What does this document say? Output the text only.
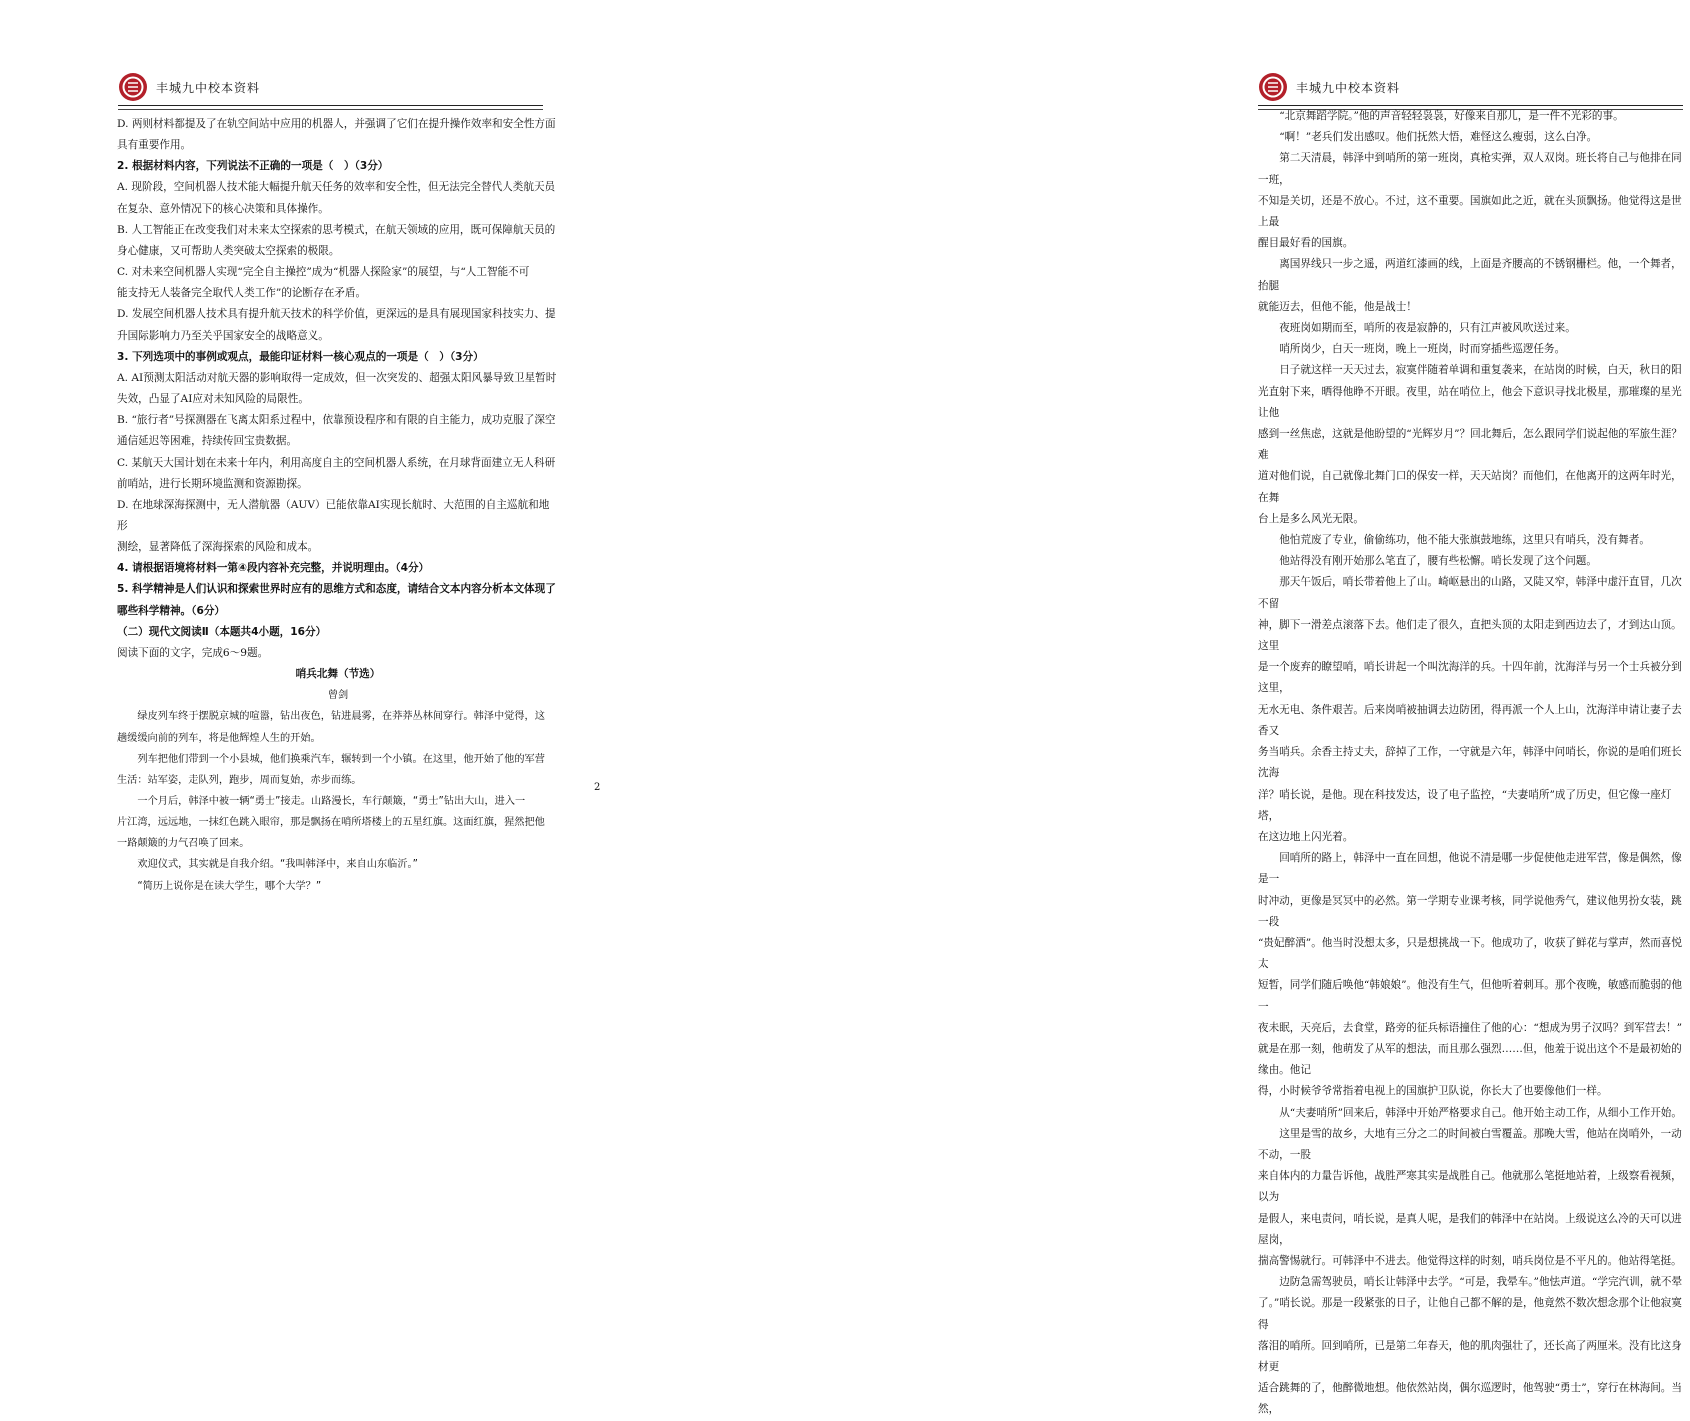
丰城九中校本资料

D. 两则材料都提及了在轨空间站中应用的机器人，并强调了它们在提升操作效率和安全性方面

具有重要作用。

2. 根据材料内容，下列说法不正确的一项是（　）（3分）

A. 现阶段，空间机器人技术能大幅提升航天任务的效率和安全性，但无法完全替代人类航天员

在复杂、意外情况下的核心决策和具体操作。

B. 人工智能正在改变我们对未来太空探索的思考模式，在航天领域的应用，既可保障航天员的

身心健康，又可帮助人类突破太空探索的极限。

C. 对未来空间机器人实现“完全自主操控”成为“机器人探险家”的展望，与“人工智能不可

能支持无人装备完全取代人类工作”的论断存在矛盾。

D. 发展空间机器人技术具有提升航天技术的科学价值，更深远的是具有展现国家科技实力、提

升国际影响力乃至关乎国家安全的战略意义。

3. 下列选项中的事例或观点，最能印证材料一核心观点的一项是（　）（3分）

A. AI预测太阳活动对航天器的影响取得一定成效，但一次突发的、超强太阳风暴导致卫星暂时

失效，凸显了AI应对未知风险的局限性。

B. “旅行者”号探测器在飞离太阳系过程中，依靠预设程序和有限的自主能力，成功克服了深空

通信延迟等困难，持续传回宝贵数据。

C. 某航天大国计划在未来十年内，利用高度自主的空间机器人系统，在月球背面建立无人科研

前哨站，进行长期环境监测和资源勘探。

D. 在地球深海探测中，无人潜航器（AUV）已能依靠AI实现长航时、大范围的自主巡航和地形

测绘，显著降低了深海探索的风险和成本。

4. 请根据语境将材料一第④段内容补充完整，并说明理由。（4分）

5. 科学精神是人们认识和探索世界时应有的思维方式和态度，请结合文本内容分析本文体现了

哪些科学精神。（6分）

（二）现代文阅读Ⅱ（本题共4小题，16分）

阅读下面的文字，完成6～9题。

哨兵北舞（节选）

曾剑

绿皮列车终于摆脱京城的喧嚣，钻出夜色，钻进晨雾，在莽莽丛林间穿行。韩泽中觉得，这

趟缓缓向前的列车，将是他辉煌人生的开始。

列车把他们带到一个小县城，他们换乘汽车，辗转到一个小镇。在这里，他开始了他的军营

生活：站军姿，走队列，跑步，周而复始，赤步而练。

一个月后，韩泽中被一辆“勇士”接走。山路漫长，车行颠簸，“勇士”钻出大山，进入一

片江湾，远远地，一抹红色跳入眼帘，那是飘扬在哨所塔楼上的五星红旗。这面红旗，猩然把他

一路颠簸的力气召唤了回来。

欢迎仪式，其实就是自我介绍。“我叫韩泽中，来自山东临沂。”

“简历上说你是在读大学生，哪个大学？”

丰城九中校本资料

“北京舞蹈学院。”他的声音轻轻袅袅，好像来自那儿，是一件不光彩的事。

“啊！”老兵们发出感叹。他们抚然大悟，难怪这么瘦弱，这么白净。

第二天清晨，韩泽中到哨所的第一班岗，真枪实弹，双人双岗。班长将自己与他排在同一班，

不知是关切，还是不放心。不过，这不重要。国旗如此之近，就在头顶飘扬。他觉得这是世上最

醒目最好看的国旗。

离国界线只一步之遥，两道红漆画的线，上面是齐腰高的不锈钢栅栏。他，一个舞者，抬腿

就能迈去，但他不能，他是战士！

夜班岗如期而至，哨所的夜是寂静的，只有江声被风吹送过来。

哨所岗少，白天一班岗，晚上一班岗，时而穿插些巡逻任务。

日子就这样一天天过去，寂寞伴随着单调和重复袭来，在站岗的时候，白天，秋日的阳

光直射下来，晒得他睁不开眼。夜里，站在哨位上，他会下意识寻找北极星，那璀璨的星光让他

感到一丝焦虑，这就是他盼望的“光辉岁月”？回北舞后，怎么跟同学们说起他的军旅生涯？难

道对他们说，自己就像北舞门口的保安一样，天天站岗？而他们，在他离开的这两年时光，在舞

台上是多么风光无限。

他怕荒废了专业，偷偷练功，他不能大张旗鼓地练，这里只有哨兵，没有舞者。

他站得没有刚开始那么笔直了，腰有些松懈。哨长发现了这个问题。

那天午饭后，哨长带着他上了山。崎岖悬出的山路，又陡又窄，韩泽中虚汗直冒，几次不留

神，脚下一滑差点滚落下去。他们走了很久，直把头顶的太阳走到西边去了，才到达山顶。这里

是一个废弃的瞭望哨，哨长讲起一个叫沈海洋的兵。十四年前，沈海洋与另一个士兵被分到这里，

无水无电、条件艰苦。后来岗哨被抽调去边防团，得再派一个人上山，沈海洋申请让妻子去香又

务当哨兵。余香主持丈夫，辞掉了工作，一守就是六年，韩泽中问哨长，你说的是咱们班长沈海

洋？哨长说，是他。现在科技发达，设了电子监控，“夫妻哨所”成了历史，但它像一座灯塔，

在这边地上闪光着。

回哨所的路上，韩泽中一直在回想，他说不清是哪一步促使他走进军营，像是偶然，像是一

时冲动，更像是冥冥中的必然。第一学期专业课考核，同学说他秀气，建议他男扮女装，跳一段

“贵妃醉酒”。他当时没想太多，只是想挑战一下。他成功了，收获了鲜花与掌声，然而喜悦太

短暂，同学们随后唤他“韩娘娘”。他没有生气，但他听着刺耳。那个夜晚，敏感而脆弱的他一

夜未眠，天亮后，去食堂，路旁的征兵标语撞住了他的心：“想成为男子汉吗？到军营去！”

就是在那一刻，他萌发了从军的想法，而且那么强烈……但，他羞于说出这个不是最初始的缘由。他记

得，小时候爷爷常指着电视上的国旗护卫队说，你长大了也要像他们一样。

从“夫妻哨所”回来后，韩泽中开始严格要求自己。他开始主动工作，从细小工作开始。

这里是雪的故乡，大地有三分之二的时间被白雪覆盖。那晚大雪，他站在岗哨外，一动不动，一股

来自体内的力量告诉他，战胜严寒其实是战胜自己。他就那么笔挺地站着，上级察看视频，以为

是假人，来电责问，哨长说，是真人呢，是我们的韩泽中在站岗。上级说这么冷的天可以进屋岗，

揣高警惕就行。可韩泽中不进去。他觉得这样的时刻，哨兵岗位是不平凡的。他站得笔挺。

边防急需驾驶员，哨长让韩泽中去学。“可是，我晕车。”他怯声道。“学完汽训，就不晕

了。”哨长说。那是一段紧张的日子，让他自己都不解的是，他竟然不数次想念那个让他寂寞得

落泪的哨所。回到哨所，已是第二年春天，他的肌肉强壮了，还长高了两厘米。没有比这身材更

适合跳舞的了，他醉微地想。他依然站岗，偶尔巡逻时，他驾驶“勇士”，穿行在林海间。当然，

2
